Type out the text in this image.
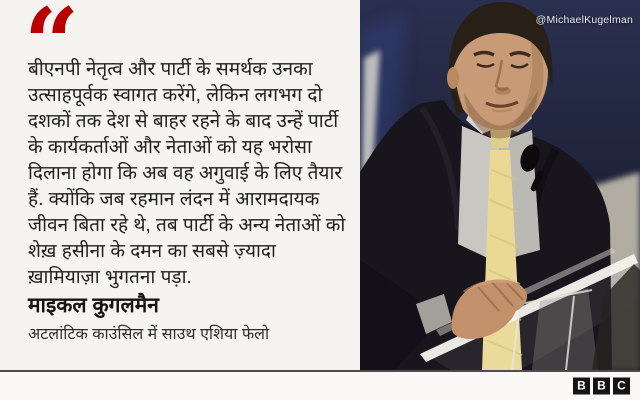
“
बीएनपी नेतृत्व और पार्टी के समर्थक उनका
उत्साहपूर्वक स्वागत करेंगे, लेकिन लगभग दो
दशकों तक देश से बाहर रहने के बाद उन्हें पार्टी
के कार्यकर्ताओं और नेताओं को यह भरोसा
दिलाना होगा कि अब वह अगुवाई के लिए तैयार
हैं. क्योंकि जब रहमान लंदन में आरामदायक
जीवन बिता रहे थे, तब पार्टी के अन्य नेताओं को
शेख़ हसीना के दमन का सबसे ज़्यादा
ख़ामियाज़ा भुगतना पड़ा.
माइकल कुगलमैन
अटलांटिक काउंसिल में साउथ एशिया फेलो
@MichaelKugelman
B B C
